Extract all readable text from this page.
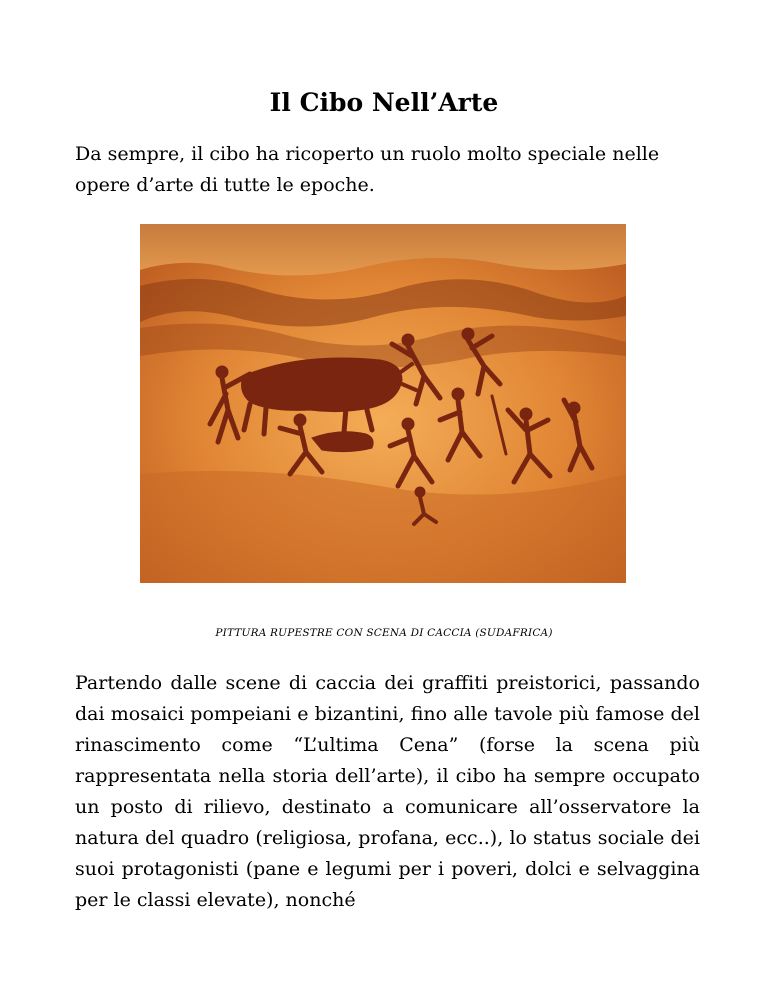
Il Cibo Nell’Arte

Da sempre, il cibo ha ricoperto un ruolo molto speciale nelle opere d’arte di tutte le epoche.

PITTURA RUPESTRE CON SCENA DI CACCIA (SUDAFRICA)

Partendo dalle scene di caccia dei graffiti preistorici, passando dai mosaici pompeiani e bizantini, fino alle tavole più famose del rinascimento come “L’ultima Cena” (forse la scena più rappresentata nella storia dell’arte), il cibo ha sempre occupato un posto di rilievo, destinato a comunicare all’osservatore la natura del quadro (religiosa, profana, ecc..), lo status sociale dei suoi protagonisti (pane e legumi per i poveri, dolci e selvaggina per le classi elevate), nonché
